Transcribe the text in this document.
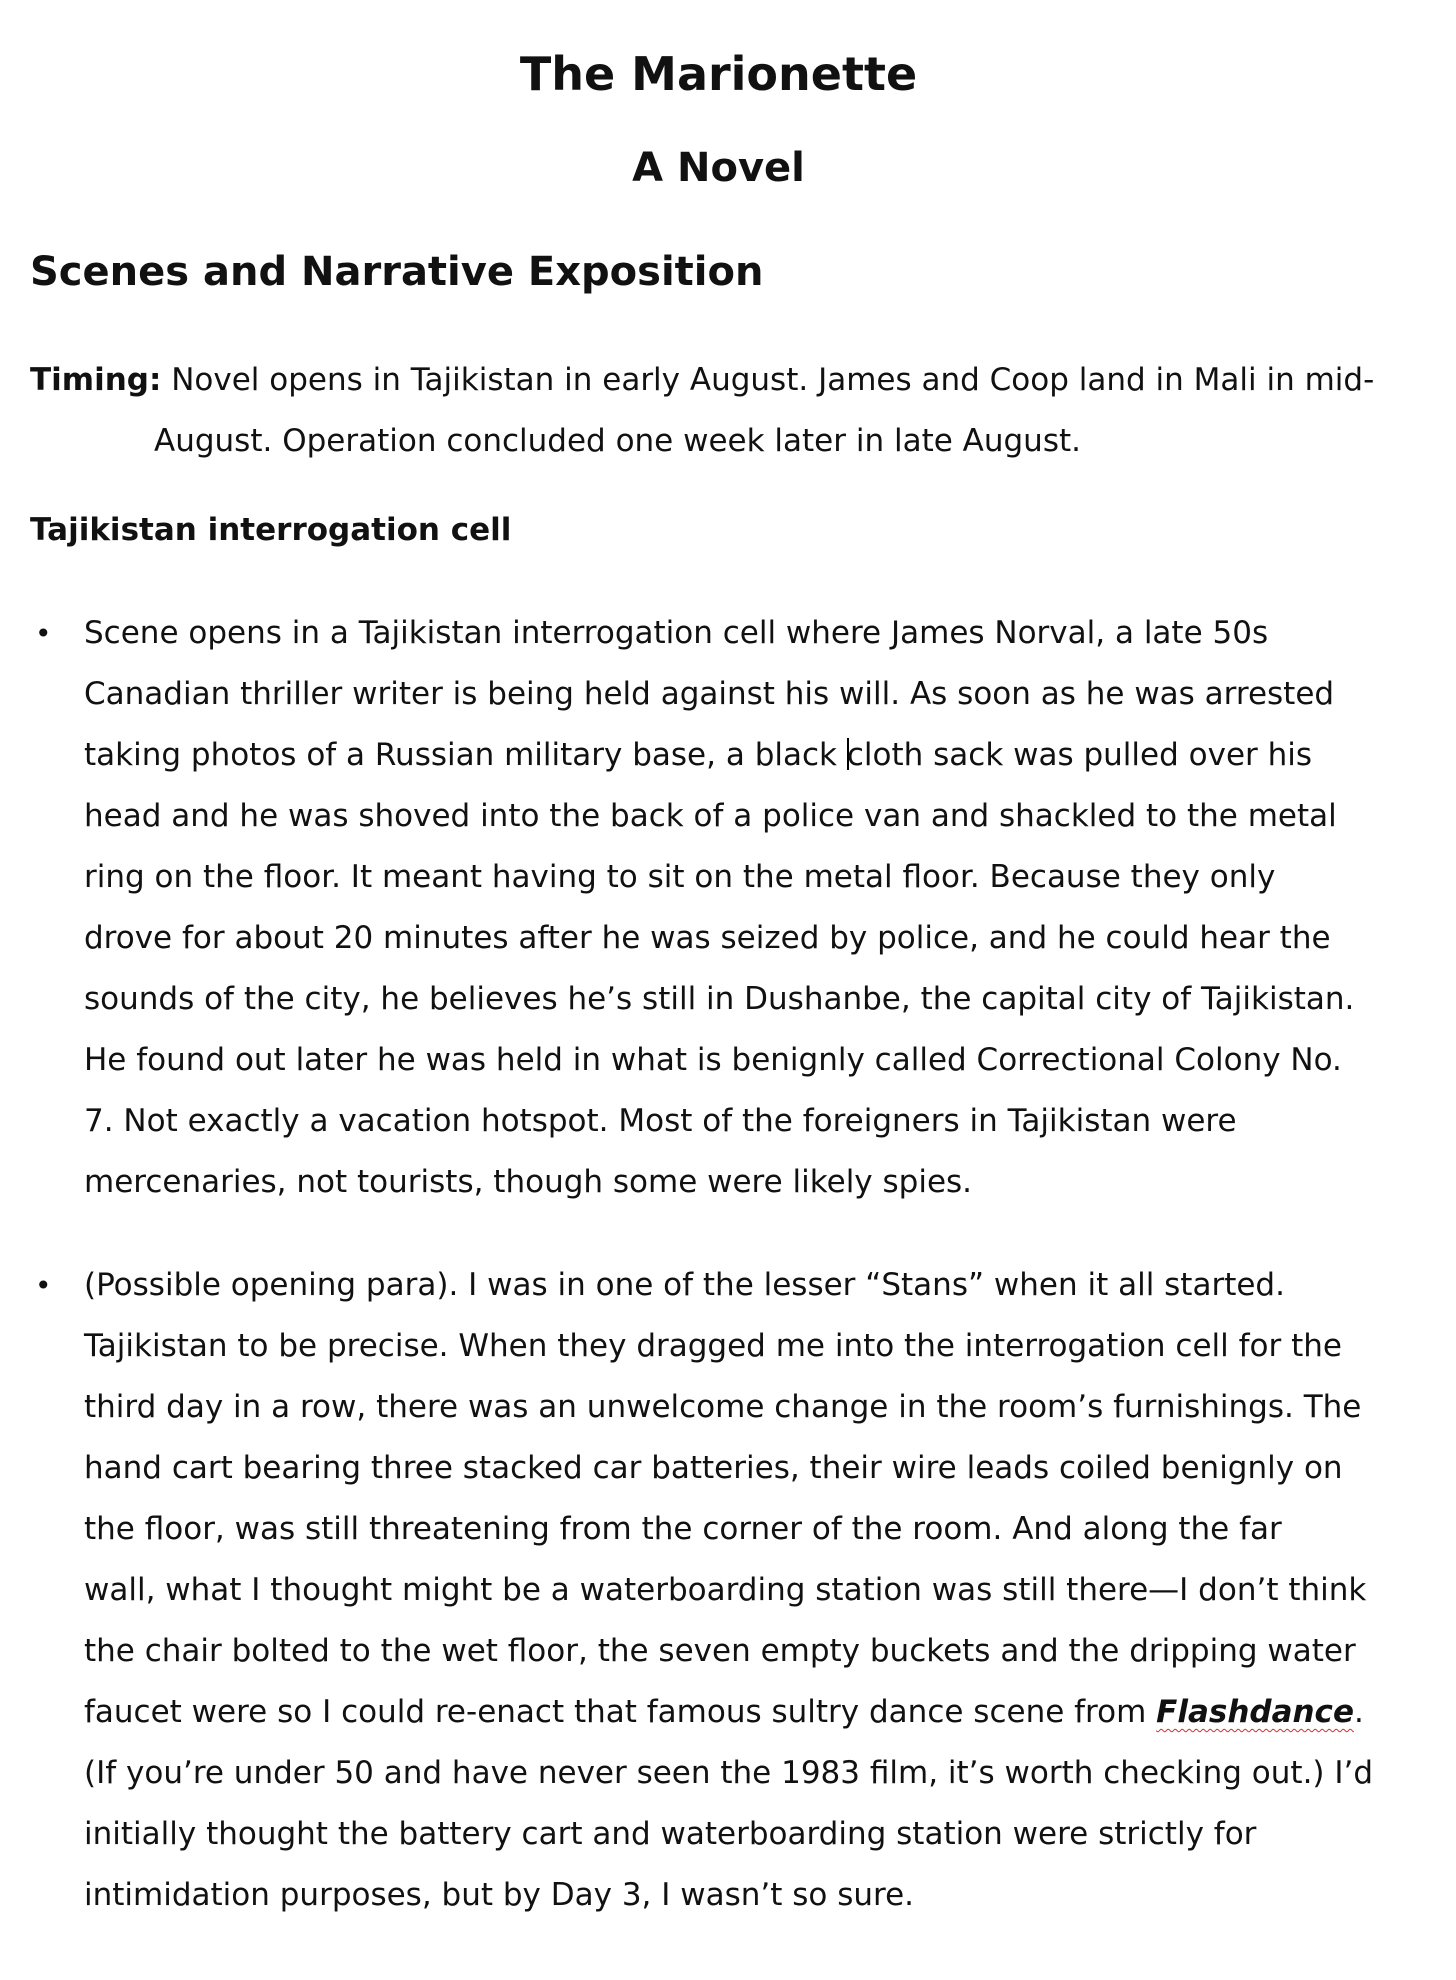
The Marionette
A Novel
Scenes and Narrative Exposition

Timing: Novel opens in Tajikistan in early August. James and Coop land in Mali in mid- August. Operation concluded one week later in late August.

Tajikistan interrogation cell
• Scene opens in a Tajikistan interrogation cell where James Norval, a late 50s
Canadian thriller writer is being held against his will. As soon as he was arrested
taking photos of a Russian military base, a black cloth sack was pulled over his
head and he was shoved into the back of a police van and shackled to the metal
ring on the floor. It meant having to sit on the metal floor. Because they only
drove for about 20 minutes after he was seized by police, and he could hear the
sounds of the city, he believes he’s still in Dushanbe, the capital city of Tajikistan.
He found out later he was held in what is benignly called Correctional Colony No.
7. Not exactly a vacation hotspot. Most of the foreigners in Tajikistan were
mercenaries, not tourists, though some were likely spies.
• (Possible opening para). I was in one of the lesser “Stans” when it all started.
Tajikistan to be precise. When they dragged me into the interrogation cell for the
third day in a row, there was an unwelcome change in the room’s furnishings. The
hand cart bearing three stacked car batteries, their wire leads coiled benignly on
the floor, was still threatening from the corner of the room. And along the far
wall, what I thought might be a waterboarding station was still there—I don’t think
the chair bolted to the wet floor, the seven empty buckets and the dripping water
faucet were so I could re-enact that famous sultry dance scene from Flashdance.
(If you’re under 50 and have never seen the 1983 film, it’s worth checking out.) I’d
initially thought the battery cart and waterboarding station were strictly for
intimidation purposes, but by Day 3, I wasn’t so sure.
